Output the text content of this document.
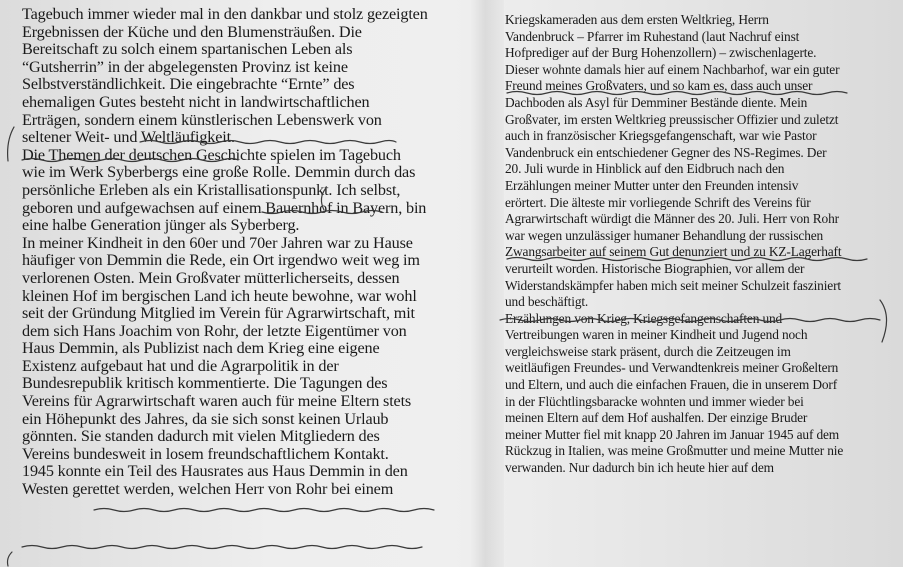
Tagebuch immer wieder mal in den dankbar und stolz gezeigten
Ergebnissen der Küche und den Blumensträußen. Die
Bereitschaft zu solch einem spartanischen Leben als
“Gutsherrin” in der abgelegensten Provinz ist keine
Selbstverständlichkeit. Die eingebrachte “Ernte” des
ehemaligen Gutes besteht nicht in landwirtschaftlichen
Erträgen, sondern einem künstlerischen Lebenswerk von
seltener Weit- und Weltläufigkeit.
Die Themen der deutschen Geschichte spielen im Tagebuch
wie im Werk Syberbergs eine große Rolle. Demmin durch das
persönliche Erleben als ein Kristallisationspunkt. Ich selbst,
geboren und aufgewachsen auf einem Bauernhof in Bayern, bin
eine halbe Generation jünger als Syberberg.
In meiner Kindheit in den 60er und 70er Jahren war zu Hause
häufiger von Demmin die Rede, ein Ort irgendwo weit weg im
verlorenen Osten. Mein Großvater mütterlicherseits, dessen
kleinen Hof im bergischen Land ich heute bewohne, war wohl
seit der Gründung Mitglied im Verein für Agrarwirtschaft, mit
dem sich Hans Joachim von Rohr, der letzte Eigentümer von
Haus Demmin, als Publizist nach dem Krieg eine eigene
Existenz aufgebaut hat und die Agrarpolitik in der
Bundesrepublik kritisch kommentierte. Die Tagungen des
Vereins für Agrarwirtschaft waren auch für meine Eltern stets
ein Höhepunkt des Jahres, da sie sich sonst keinen Urlaub
gönnten. Sie standen dadurch mit vielen Mitgliedern des
Vereins bundesweit in losem freundschaftlichem Kontakt.
1945 konnte ein Teil des Hausrates aus Haus Demmin in den
Westen gerettet werden, welchen Herr von Rohr bei einem
Kriegskameraden aus dem ersten Weltkrieg, Herrn
Vandenbruck – Pfarrer im Ruhestand (laut Nachruf einst
Hofprediger auf der Burg Hohenzollern) – zwischenlagerte.
Dieser wohnte damals hier auf einem Nachbarhof, war ein guter
Freund meines Großvaters, und so kam es, dass auch unser
Dachboden als Asyl für Demminer Bestände diente. Mein
Großvater, im ersten Weltkrieg preussischer Offizier und zuletzt
auch in französischer Kriegsgefangenschaft, war wie Pastor
Vandenbruck ein entschiedener Gegner des NS-Regimes. Der
20. Juli wurde in Hinblick auf den Eidbruch nach den
Erzählungen meiner Mutter unter den Freunden intensiv
erörtert. Die älteste mir vorliegende Schrift des Vereins für
Agrarwirtschaft würdigt die Männer des 20. Juli. Herr von Rohr
war wegen unzulässiger humaner Behandlung der russischen
Zwangsarbeiter auf seinem Gut denunziert und zu KZ-Lagerhaft
verurteilt worden. Historische Biographien, vor allem der
Widerstandskämpfer haben mich seit meiner Schulzeit fasziniert
und beschäftigt.
Erzählungen von Krieg, Kriegsgefangenschaften und
Vertreibungen waren in meiner Kindheit und Jugend noch
vergleichsweise stark präsent, durch die Zeitzeugen im
weitläufigen Freundes- und Verwandtenkreis meiner Großeltern
und Eltern, und auch die einfachen Frauen, die in unserem Dorf
in der Flüchtlingsbaracke wohnten und immer wieder bei
meinen Eltern auf dem Hof aushalfen. Der einzige Bruder
meiner Mutter fiel mit knapp 20 Jahren im Januar 1945 auf dem
Rückzug in Italien, was meine Großmutter und meine Mutter nie
verwanden. Nur dadurch bin ich heute hier auf dem
